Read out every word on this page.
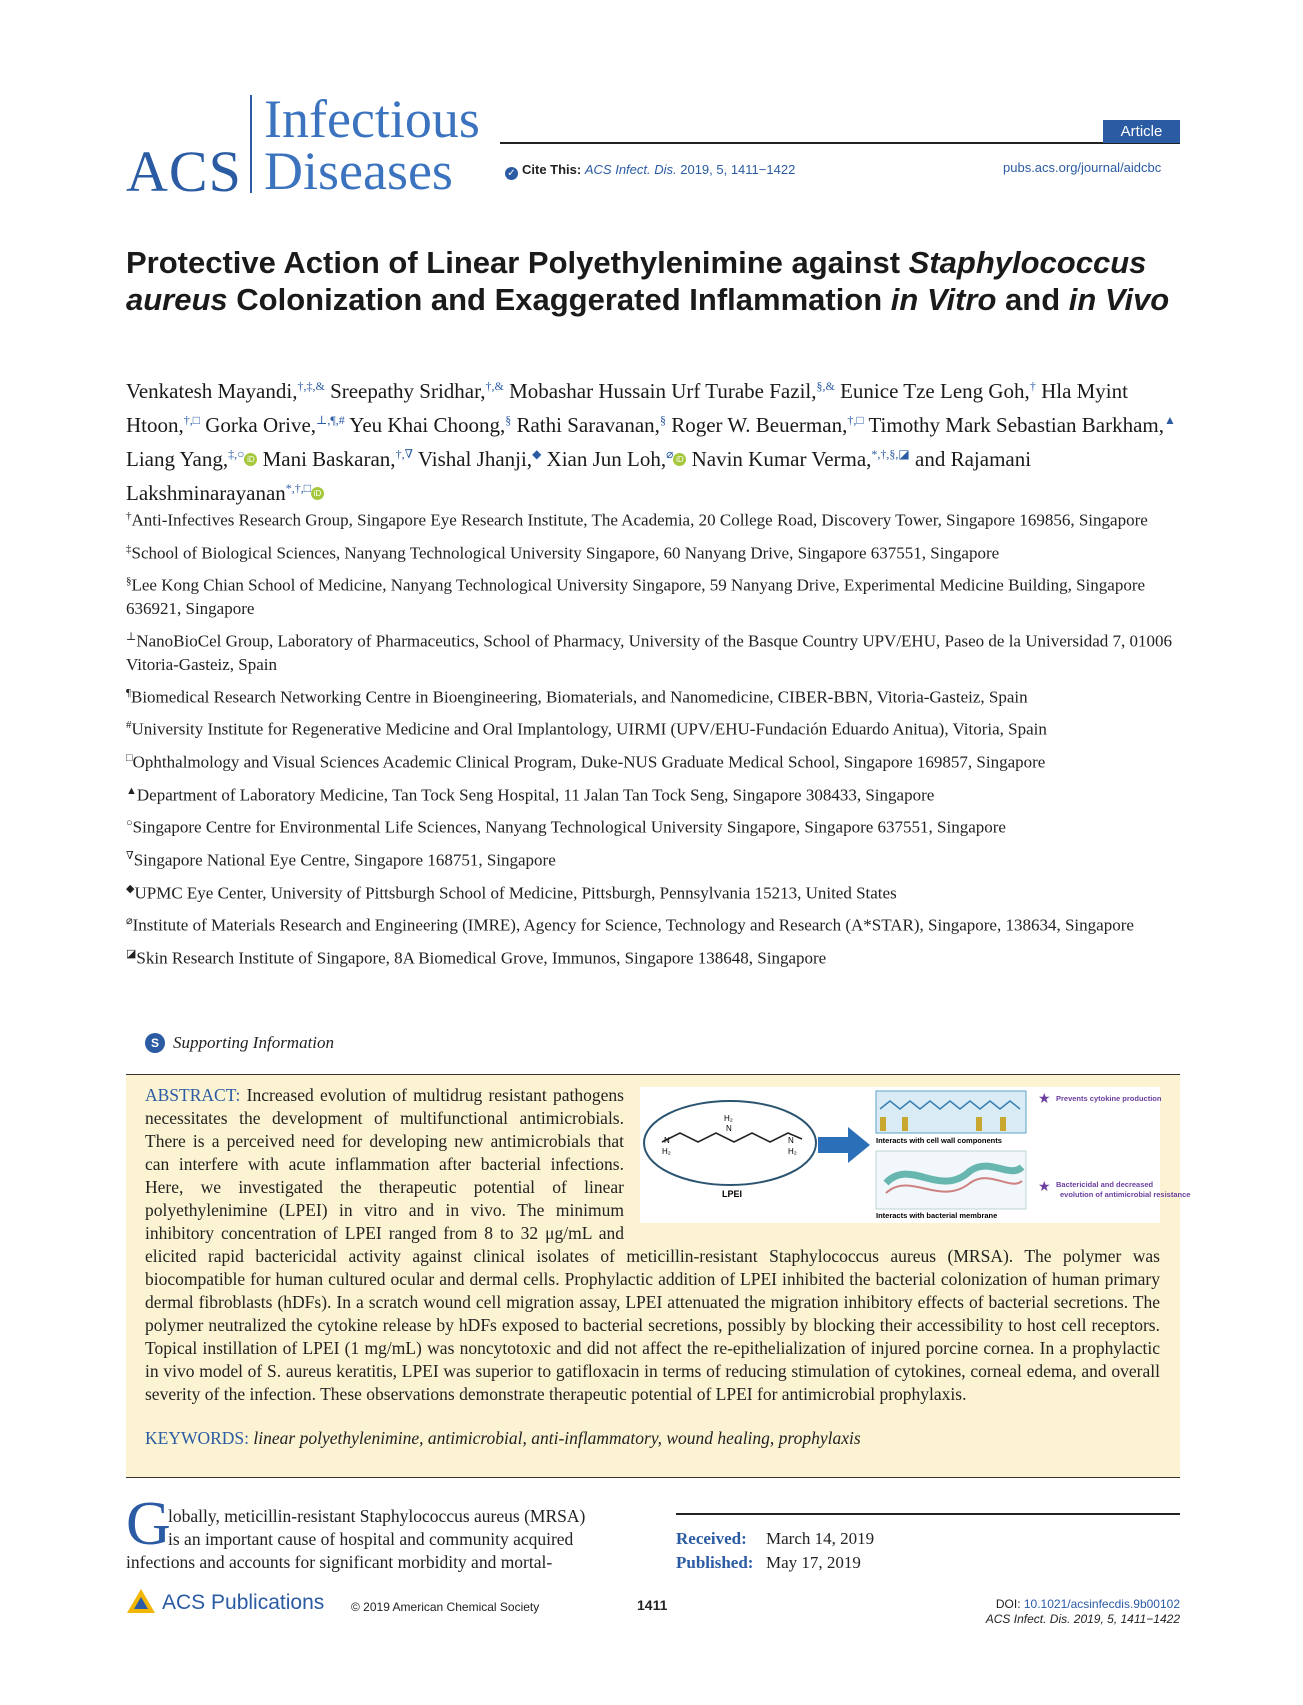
ACS
Infectious
Diseases
Article
✓ Cite This: ACS Infect. Dis. 2019, 5, 1411−1422	pubs.acs.org/journal/aidcbc
Protective Action of Linear Polyethylenimine against Staphylococcus aureus Colonization and Exaggerated Inflammation in Vitro and in Vivo
Venkatesh Mayandi,†,‡,& Sreepathy Sridhar,†,& Mobashar Hussain Urf Turabe Fazil,§,& Eunice Tze Leng Goh,† Hla Myint Htoon,†,□ Gorka Orive,⊥,¶,# Yeu Khai Choong,§ Rathi Saravanan,§ Roger W. Beuerman,†,□ Timothy Mark Sebastian Barkham,▲ Liang Yang,‡,○ iD Mani Baskaran,†,∇ Vishal Jhanji,◆ Xian Jun Loh,⌀ iD Navin Kumar Verma,*,†,§,◪ and Rajamani Lakshminarayanan*,†,□ iD
†Anti-Infectives Research Group, Singapore Eye Research Institute, The Academia, 20 College Road, Discovery Tower, Singapore 169856, Singapore
‡School of Biological Sciences, Nanyang Technological University Singapore, 60 Nanyang Drive, Singapore 637551, Singapore
§Lee Kong Chian School of Medicine, Nanyang Technological University Singapore, 59 Nanyang Drive, Experimental Medicine Building, Singapore 636921, Singapore
⊥NanoBioCel Group, Laboratory of Pharmaceutics, School of Pharmacy, University of the Basque Country UPV/EHU, Paseo de la Universidad 7, 01006 Vitoria-Gasteiz, Spain
¶Biomedical Research Networking Centre in Bioengineering, Biomaterials, and Nanomedicine, CIBER-BBN, Vitoria-Gasteiz, Spain
#University Institute for Regenerative Medicine and Oral Implantology, UIRMI (UPV/EHU-Fundación Eduardo Anitua), Vitoria, Spain
□Ophthalmology and Visual Sciences Academic Clinical Program, Duke-NUS Graduate Medical School, Singapore 169857, Singapore
▲Department of Laboratory Medicine, Tan Tock Seng Hospital, 11 Jalan Tan Tock Seng, Singapore 308433, Singapore
○Singapore Centre for Environmental Life Sciences, Nanyang Technological University Singapore, Singapore 637551, Singapore
∇Singapore National Eye Centre, Singapore 168751, Singapore
◆UPMC Eye Center, University of Pittsburgh School of Medicine, Pittsburgh, Pennsylvania 15213, United States
⌀Institute of Materials Research and Engineering (IMRE), Agency for Science, Technology and Research (A*STAR), Singapore, 138634, Singapore
◪Skin Research Institute of Singapore, 8A Biomedical Grove, Immunos, Singapore 138648, Singapore
S Supporting Information
H₂
N
N
H₂
N
H₂
LPEI
Interacts with cell wall components
Interacts with bacterial membrane
★ Prevents cytokine production
★ Bactericidal and decreased
evolution of antimicrobial resistance
ABSTRACT: Increased evolution of multidrug resistant pathogens necessitates the development of multifunctional antimicrobials. There is a perceived need for developing new antimicrobials that can interfere with acute inflammation after bacterial infections. Here, we investigated the therapeutic potential of linear polyethylenimine (LPEI) in vitro and in vivo. The minimum inhibitory concentration of LPEI ranged from 8 to 32 μg/mL and elicited rapid bactericidal activity against clinical isolates of meticillin-resistant Staphylococcus aureus (MRSA). The polymer was biocompatible for human cultured ocular and dermal cells. Prophylactic addition of LPEI inhibited the bacterial colonization of human primary dermal fibroblasts (hDFs). In a scratch wound cell migration assay, LPEI attenuated the migration inhibitory effects of bacterial secretions. The polymer neutralized the cytokine release by hDFs exposed to bacterial secretions, possibly by blocking their accessibility to host cell receptors. Topical instillation of LPEI (1 mg/mL) was noncytotoxic and did not affect the re-epithelialization of injured porcine cornea. In a prophylactic in vivo model of S. aureus keratitis, LPEI was superior to gatifloxacin in terms of reducing stimulation of cytokines, corneal edema, and overall severity of the infection. These observations demonstrate therapeutic potential of LPEI for antimicrobial prophylaxis.
KEYWORDS: linear polyethylenimine, antimicrobial, anti-inflammatory, wound healing, prophylaxis
G
lobally, meticillin-resistant Staphylococcus aureus (MRSA)
is an important cause of hospital and community acquired
infections and accounts for significant morbidity and mortal-
Received: March 14, 2019
Published: May 17, 2019
ACS Publications © 2019 American Chemical Society	1411	DOI: 10.1021/acsinfecdis.9b00102
ACS Infect. Dis. 2019, 5, 1411−1422
